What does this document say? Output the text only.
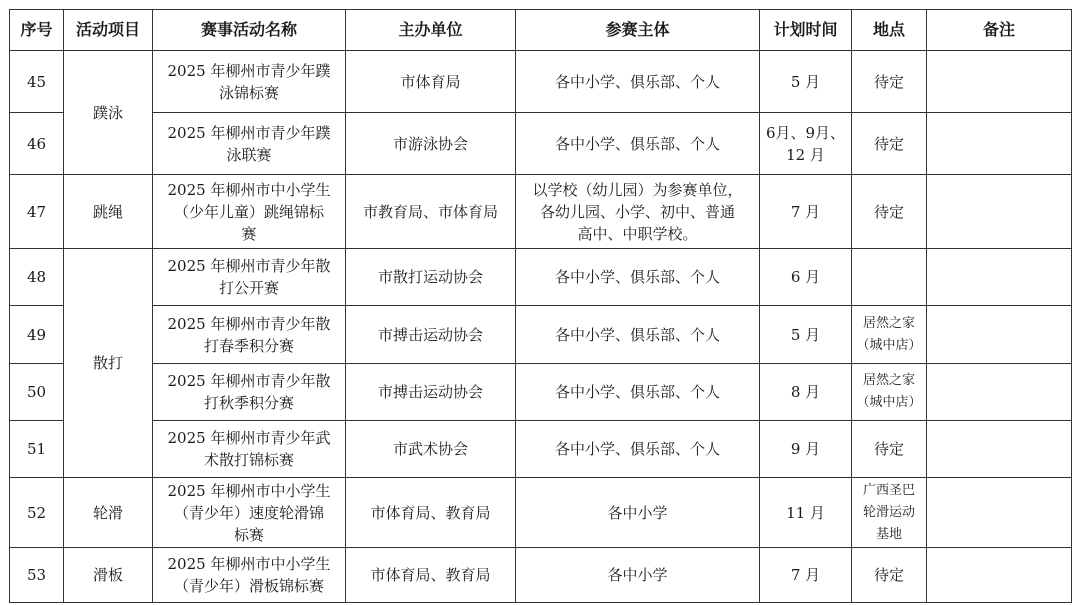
序号	活动项目	赛事活动名称	主办单位	参赛主体	计划时间	地点	备注
45	蹼泳	2025 年柳州市青少年蹼
泳锦标赛	市体育局	各中小学、俱乐部、个人	5 月	待定	
46		2025 年柳州市青少年蹼
泳联赛	市游泳协会	各中小学、俱乐部、个人	6月、9月、
12 月	待定	
47	跳绳	2025 年柳州市中小学生
（少年儿童）跳绳锦标
赛	市教育局、市体育局	以学校（幼儿园）为参赛单位，
各幼儿园、小学、初中、普通
高中、中职学校。	7 月	待定	
48	散打	2025 年柳州市青少年散
打公开赛	市散打运动协会	各中小学、俱乐部、个人	6 月		
49		2025 年柳州市青少年散
打春季积分赛	市搏击运动协会	各中小学、俱乐部、个人	5 月	居然之家
（城中店）	

50		2025 年柳州市青少年散
打秋季积分赛	市搏击运动协会	各中小学、俱乐部、个人	8 月	居然之家
（城中店）	

51		2025 年柳州市青少年武
术散打锦标赛	市武术协会	各中小学、俱乐部、个人	9 月	待定	
52	轮滑	2025 年柳州市中小学生
（青少年）速度轮滑锦
标赛	市体育局、教育局	各中小学	11 月	广西圣巴
轮滑运动
基地	

53	滑板	2025 年柳州市中小学生
（青少年）滑板锦标赛	市体育局、教育局	各中小学	7 月	待定	
